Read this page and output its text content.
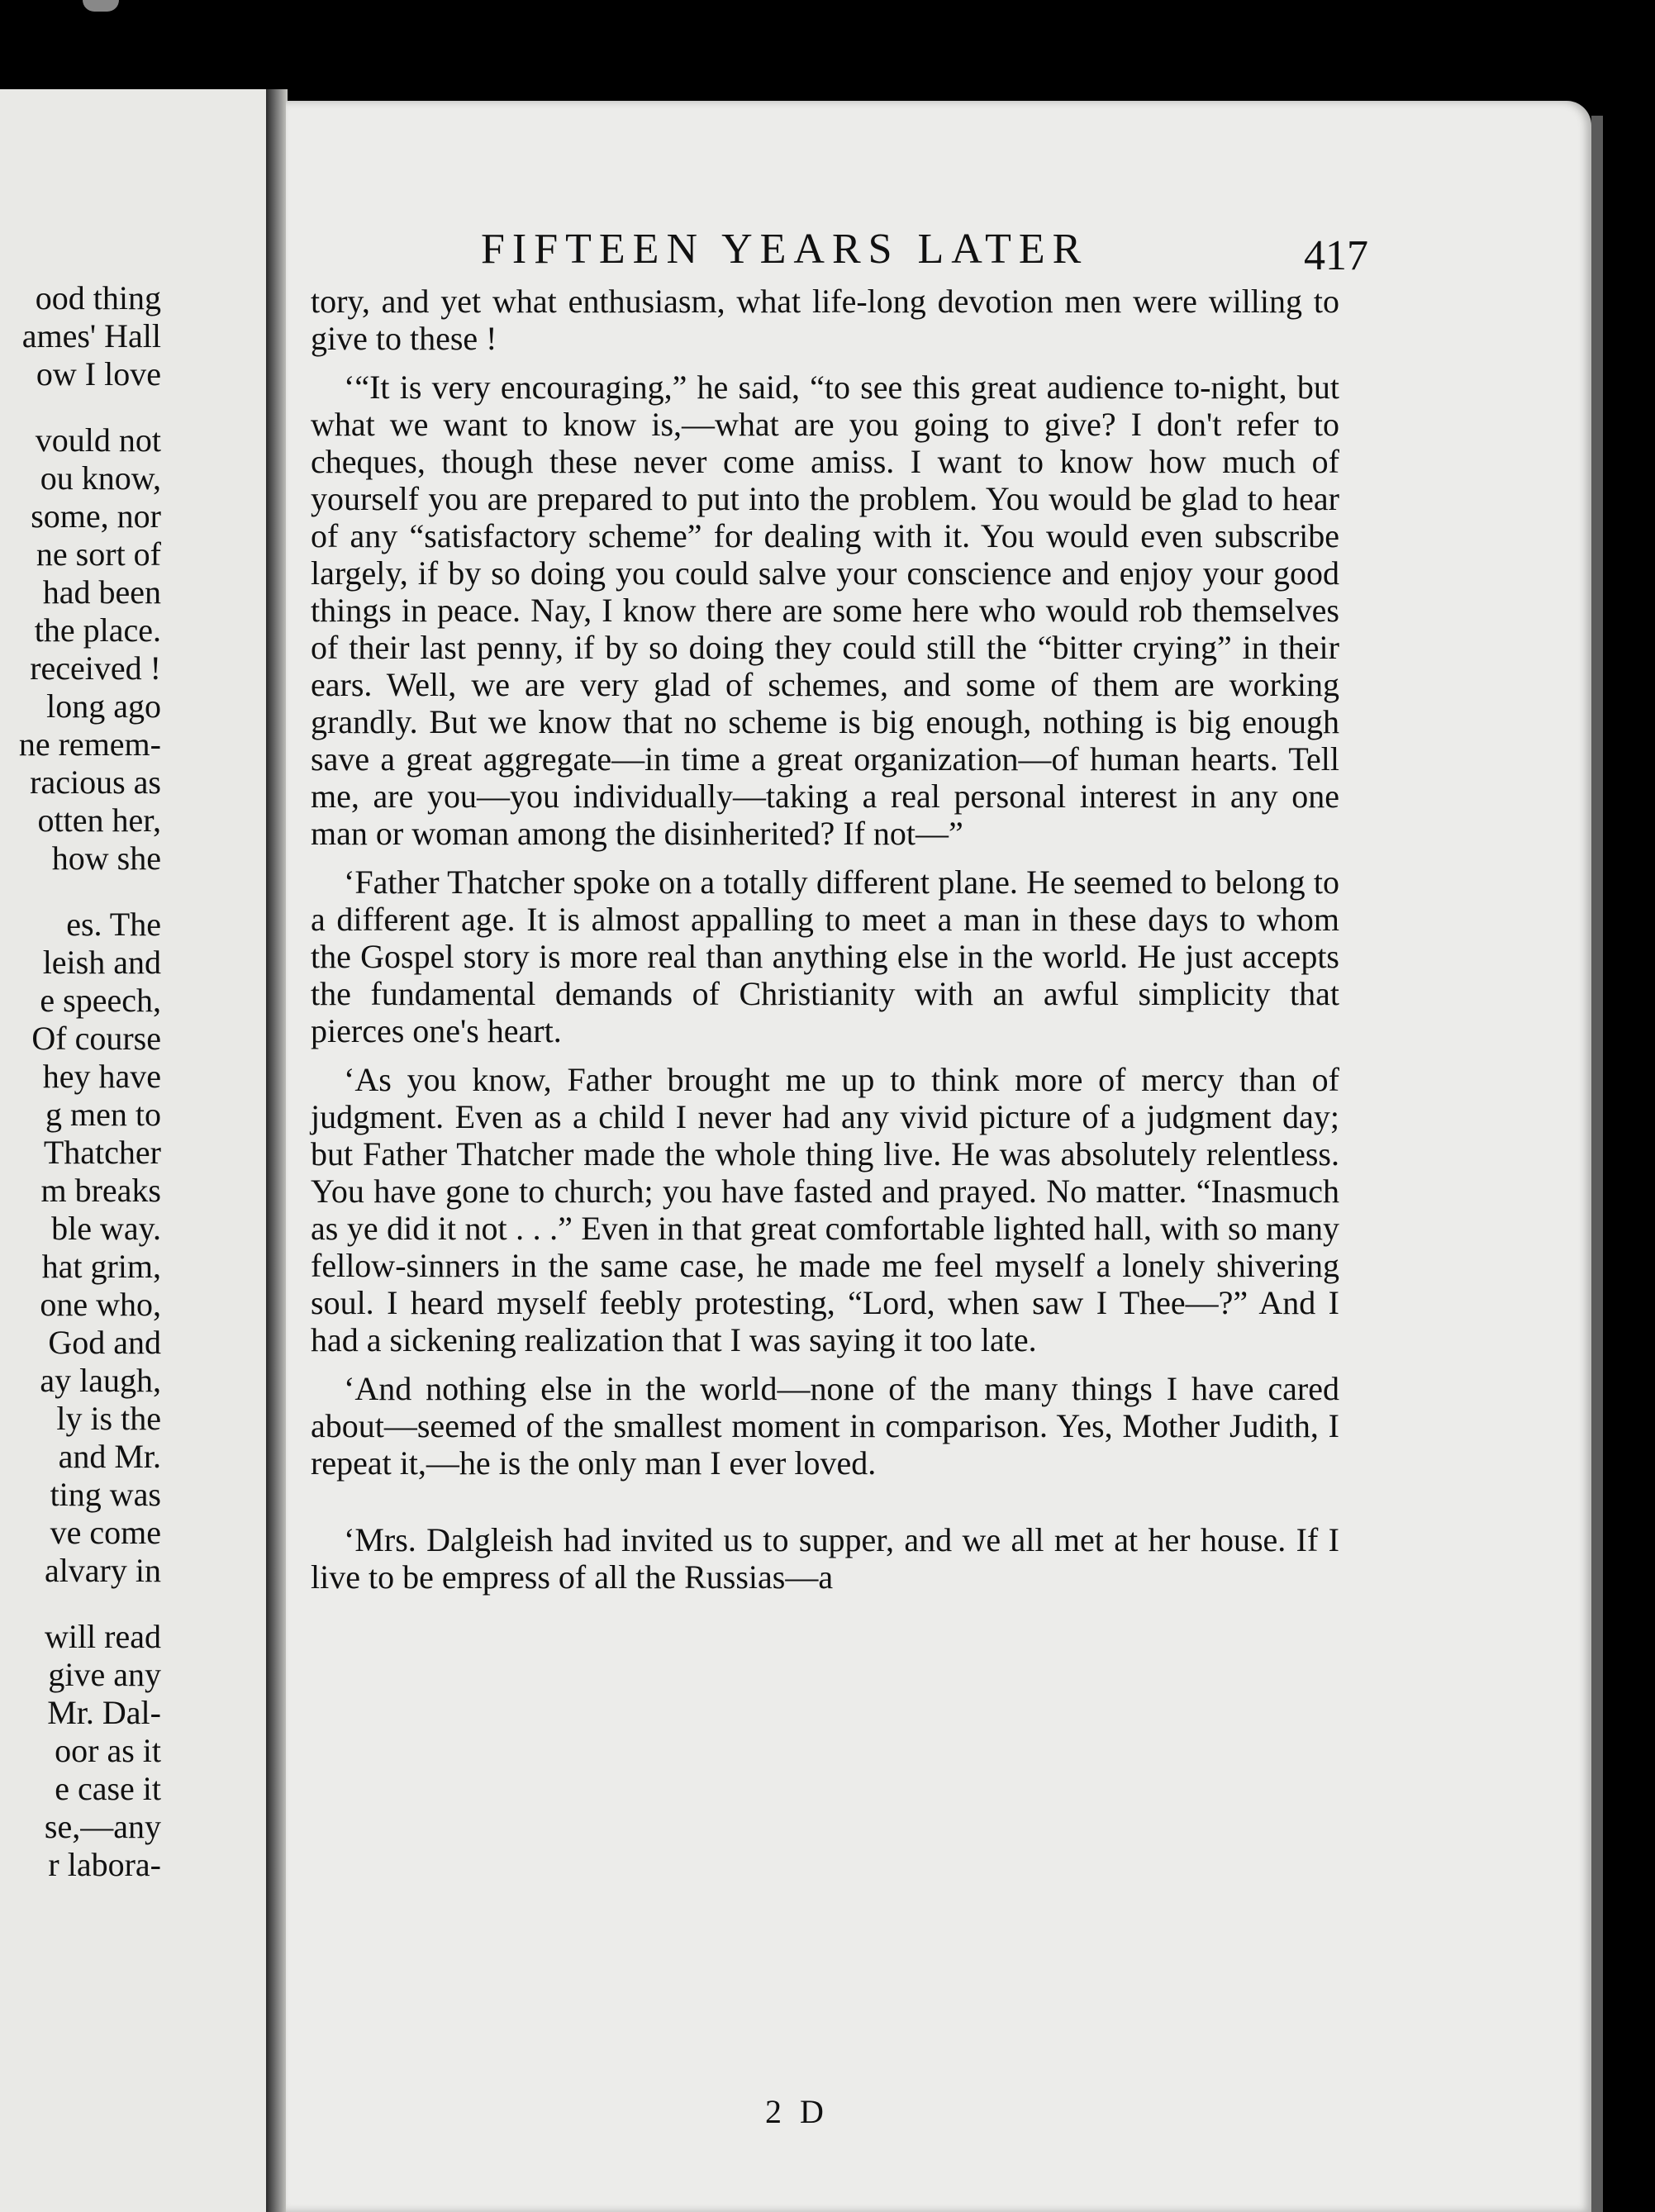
ood thing
ames' Hall
ow I love
vould not
ou know,
some, nor
ne sort of
had been
the place.
received !
long ago
ne remem-
racious as
otten her,
how she
es. The
leish and
e speech,
Of course
hey have
g men to
Thatcher
m breaks
ble way.
hat grim,
one who,
God and
ay laugh,
ly is the
and Mr.
ting was
ve come
alvary in
will read
give any
Mr. Dal-
oor as it
e case it
se,—any
r labora-
FIFTEEN YEARS LATER	417

tory, and yet what enthusiasm, what life-long devotion men were willing to give to these !

‘“It is very encouraging,” he said, “to see this great audience to-night, but what we want to know is,—what are you going to give? I don't refer to cheques, though these never come amiss. I want to know how much of yourself you are prepared to put into the problem. You would be glad to hear of any “satisfactory scheme” for dealing with it. You would even subscribe largely, if by so doing you could salve your conscience and enjoy your good things in peace. Nay, I know there are some here who would rob themselves of their last penny, if by so doing they could still the “bitter crying” in their ears. Well, we are very glad of schemes, and some of them are working grandly. But we know that no scheme is big enough, nothing is big enough save a great aggregate—in time a great organization—of human hearts. Tell me, are you—you individually—taking a real personal interest in any one man or woman among the disinherited? If not—”

‘Father Thatcher spoke on a totally different plane. He seemed to belong to a different age. It is almost appalling to meet a man in these days to whom the Gospel story is more real than anything else in the world. He just accepts the fundamental demands of Christianity with an awful simplicity that pierces one's heart.

‘As you know, Father brought me up to think more of mercy than of judgment. Even as a child I never had any vivid picture of a judgment day; but Father Thatcher made the whole thing live. He was absolutely relentless. You have gone to church; you have fasted and prayed. No matter. “Inasmuch as ye did it not . . .” Even in that great comfortable lighted hall, with so many fellow-sinners in the same case, he made me feel myself a lonely shivering soul. I heard myself feebly protesting, “Lord, when saw I Thee—?” And I had a sickening realization that I was saying it too late.

‘And nothing else in the world—none of the many things I have cared about—seemed of the smallest moment in comparison. Yes, Mother Judith, I repeat it,—he is the only man I ever loved.

‘Mrs. Dalgleish had invited us to supper, and we all met at her house. If I live to be empress of all the Russias—a

2 D
